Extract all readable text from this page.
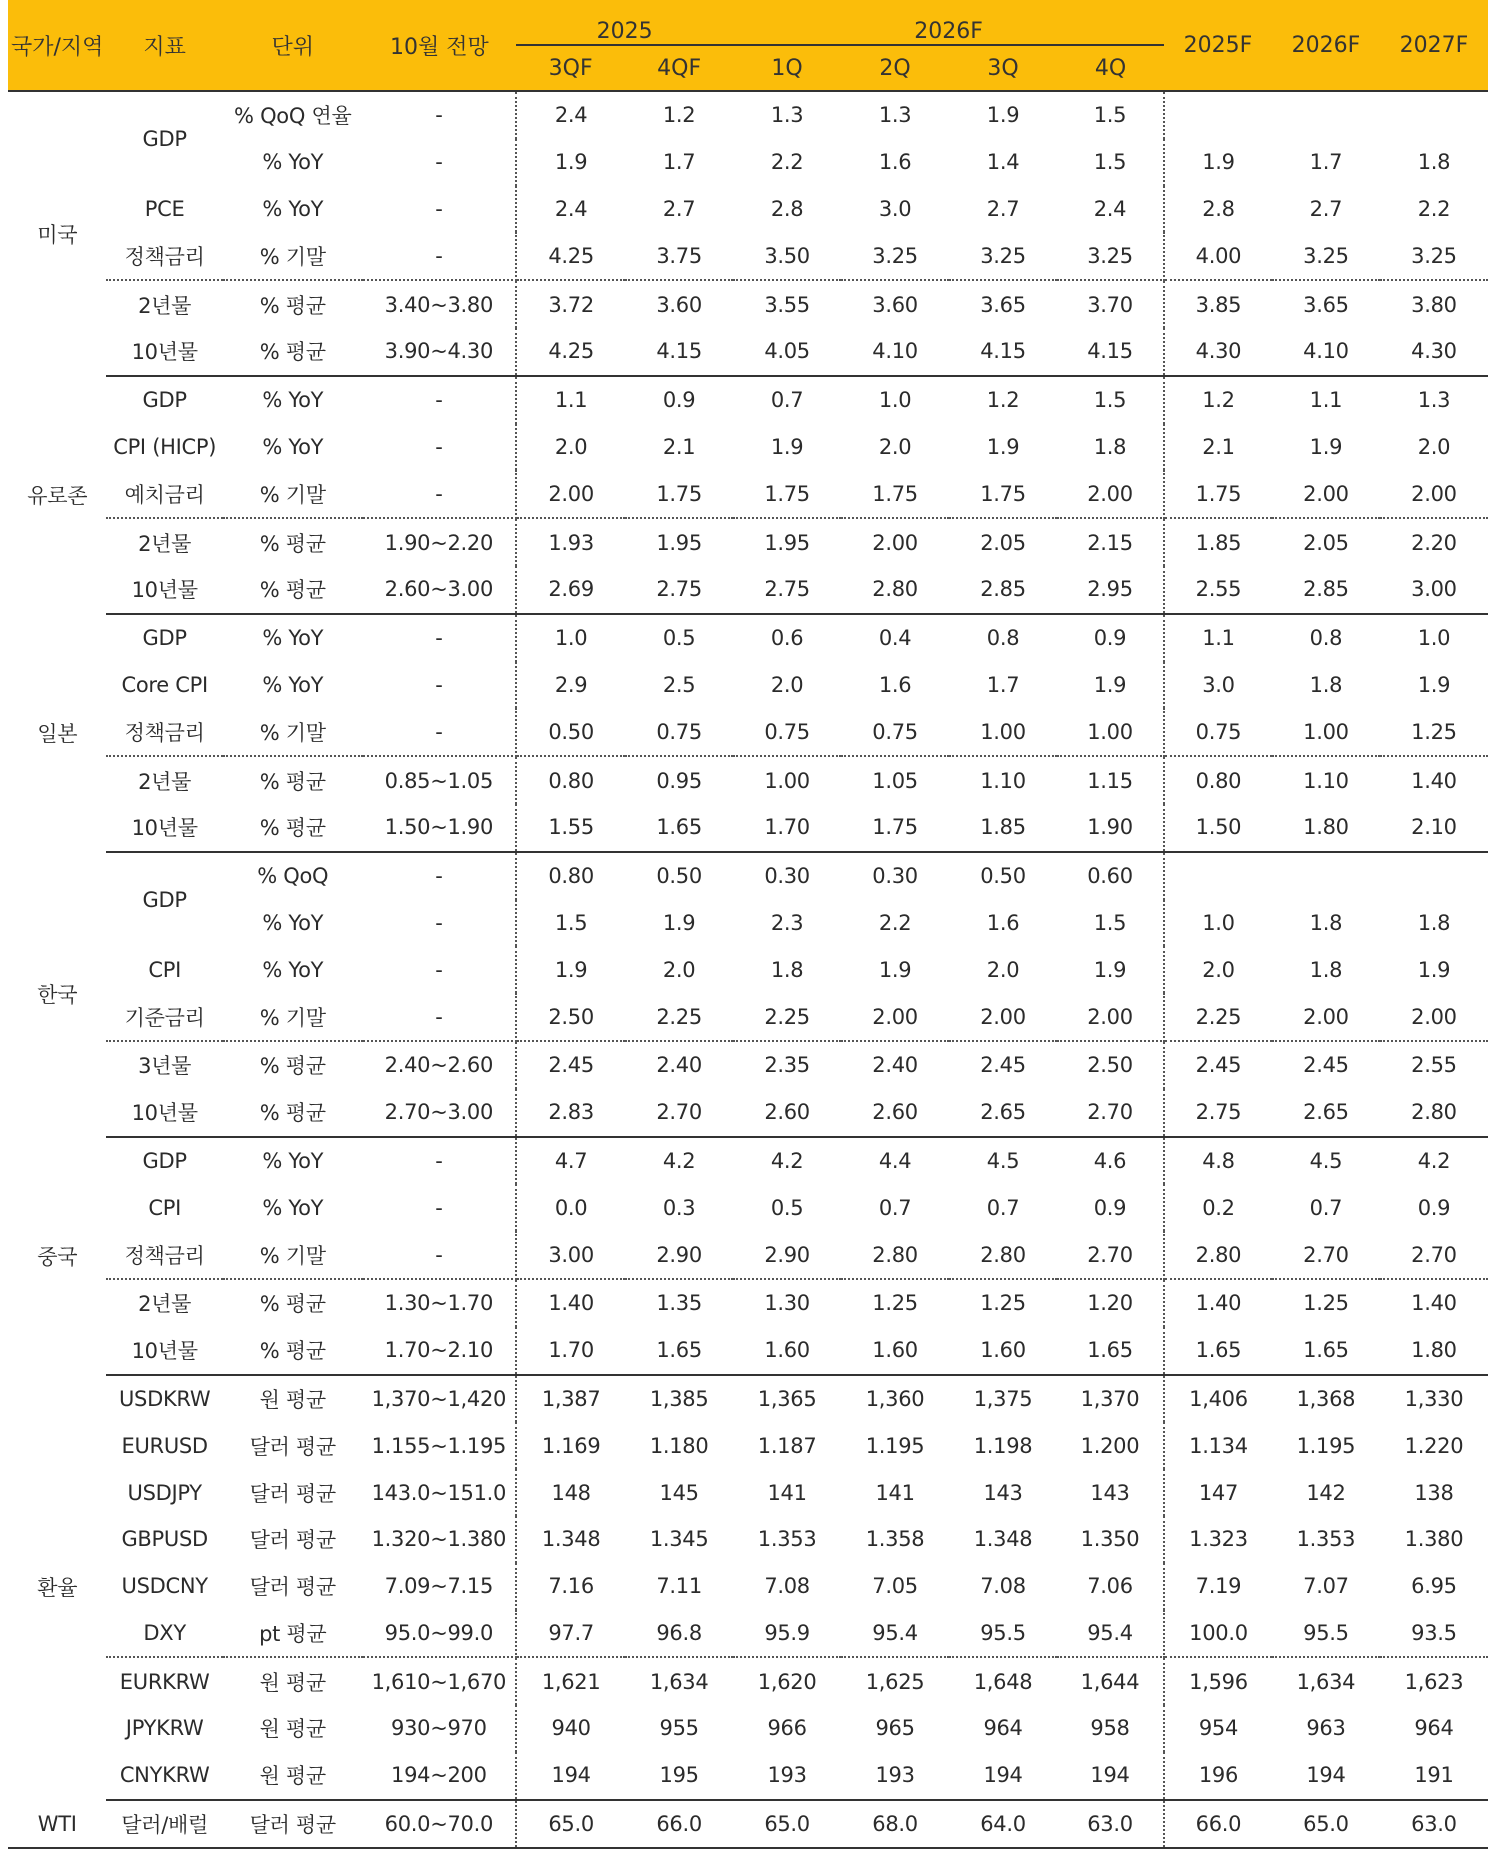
국가/지역	지표	단위	10월 전망	2025		2026F				2025F	2026F	2027F
				3QF	4QF	1Q	2Q	3Q	4Q			
미국	GDP	% QoQ 연율	-	2.4	1.2	1.3	1.3	1.9	1.5			
		% YoY	-	1.9	1.7	2.2	1.6	1.4	1.5	1.9	1.7	1.8
	PCE	% YoY	-	2.4	2.7	2.8	3.0	2.7	2.4	2.8	2.7	2.2
	정책금리	% 기말	-	4.25	3.75	3.50	3.25	3.25	3.25	4.00	3.25	3.25
	2년물	% 평균	3.40~3.80	3.72	3.60	3.55	3.60	3.65	3.70	3.85	3.65	3.80
	10년물	% 평균	3.90~4.30	4.25	4.15	4.05	4.10	4.15	4.15	4.30	4.10	4.30
유로존	GDP	% YoY	-	1.1	0.9	0.7	1.0	1.2	1.5	1.2	1.1	1.3
	CPI (HICP)	% YoY	-	2.0	2.1	1.9	2.0	1.9	1.8	2.1	1.9	2.0
	예치금리	% 기말	-	2.00	1.75	1.75	1.75	1.75	2.00	1.75	2.00	2.00
	2년물	% 평균	1.90~2.20	1.93	1.95	1.95	2.00	2.05	2.15	1.85	2.05	2.20
	10년물	% 평균	2.60~3.00	2.69	2.75	2.75	2.80	2.85	2.95	2.55	2.85	3.00
일본	GDP	% YoY	-	1.0	0.5	0.6	0.4	0.8	0.9	1.1	0.8	1.0
	Core CPI	% YoY	-	2.9	2.5	2.0	1.6	1.7	1.9	3.0	1.8	1.9
	정책금리	% 기말	-	0.50	0.75	0.75	0.75	1.00	1.00	0.75	1.00	1.25
	2년물	% 평균	0.85~1.05	0.80	0.95	1.00	1.05	1.10	1.15	0.80	1.10	1.40
	10년물	% 평균	1.50~1.90	1.55	1.65	1.70	1.75	1.85	1.90	1.50	1.80	2.10
한국	GDP	% QoQ	-	0.80	0.50	0.30	0.30	0.50	0.60			
		% YoY	-	1.5	1.9	2.3	2.2	1.6	1.5	1.0	1.8	1.8
	CPI	% YoY	-	1.9	2.0	1.8	1.9	2.0	1.9	2.0	1.8	1.9
	기준금리	% 기말	-	2.50	2.25	2.25	2.00	2.00	2.00	2.25	2.00	2.00
	3년물	% 평균	2.40~2.60	2.45	2.40	2.35	2.40	2.45	2.50	2.45	2.45	2.55
	10년물	% 평균	2.70~3.00	2.83	2.70	2.60	2.60	2.65	2.70	2.75	2.65	2.80
중국	GDP	% YoY	-	4.7	4.2	4.2	4.4	4.5	4.6	4.8	4.5	4.2
	CPI	% YoY	-	0.0	0.3	0.5	0.7	0.7	0.9	0.2	0.7	0.9
	정책금리	% 기말	-	3.00	2.90	2.90	2.80	2.80	2.70	2.80	2.70	2.70
	2년물	% 평균	1.30~1.70	1.40	1.35	1.30	1.25	1.25	1.20	1.40	1.25	1.40
	10년물	% 평균	1.70~2.10	1.70	1.65	1.60	1.60	1.60	1.65	1.65	1.65	1.80
환율	USDKRW	원 평균	1,370~1,420	1,387	1,385	1,365	1,360	1,375	1,370	1,406	1,368	1,330
	EURUSD	달러 평균	1.155~1.195	1.169	1.180	1.187	1.195	1.198	1.200	1.134	1.195	1.220
	USDJPY	달러 평균	143.0~151.0	148	145	141	141	143	143	147	142	138
	GBPUSD	달러 평균	1.320~1.380	1.348	1.345	1.353	1.358	1.348	1.350	1.323	1.353	1.380
	USDCNY	달러 평균	7.09~7.15	7.16	7.11	7.08	7.05	7.08	7.06	7.19	7.07	6.95
	DXY	pt 평균	95.0~99.0	97.7	96.8	95.9	95.4	95.5	95.4	100.0	95.5	93.5
	EURKRW	원 평균	1,610~1,670	1,621	1,634	1,620	1,625	1,648	1,644	1,596	1,634	1,623
	JPYKRW	원 평균	930~970	940	955	966	965	964	958	954	963	964
	CNYKRW	원 평균	194~200	194	195	193	193	194	194	196	194	191
WTI	달러/배럴	달러 평균	60.0~70.0	65.0	66.0	65.0	68.0	64.0	63.0	66.0	65.0	63.0
